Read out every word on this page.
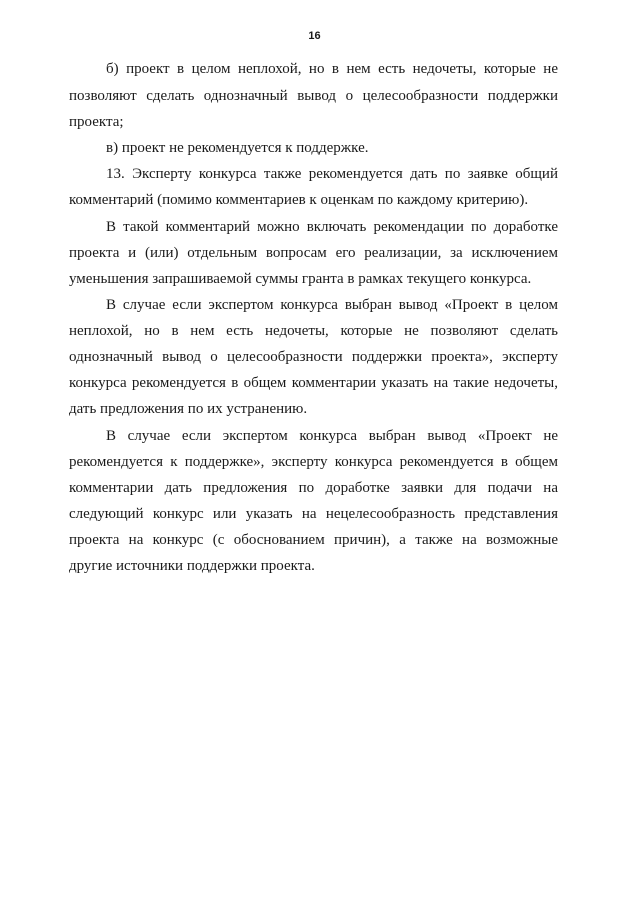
16
б) проект в целом неплохой, но в нем есть недочеты, которые не
позволяют сделать однозначный вывод о целесообразности поддержки
проекта;
в) проект не рекомендуется к поддержке.
13. Эксперту конкурса также рекомендуется дать по заявке общий
комментарий (помимо комментариев к оценкам по каждому критерию).
В такой комментарий можно включать рекомендации по доработке
проекта и (или) отдельным вопросам его реализации, за исключением
уменьшения запрашиваемой суммы гранта в рамках текущего конкурса.
В случае если экспертом конкурса выбран вывод «Проект в целом
неплохой, но в нем есть недочеты, которые не позволяют сделать
однозначный вывод о целесообразности поддержки проекта», эксперту
конкурса рекомендуется в общем комментарии указать на такие недочеты,
дать предложения по их устранению.
В случае если экспертом конкурса выбран вывод «Проект не
рекомендуется к поддержке», эксперту конкурса рекомендуется в общем
комментарии дать предложения по доработке заявки для подачи на
следующий конкурс или указать на нецелесообразность представления
проекта на конкурс (с обоснованием причин), а также на возможные
другие источники поддержки проекта.
